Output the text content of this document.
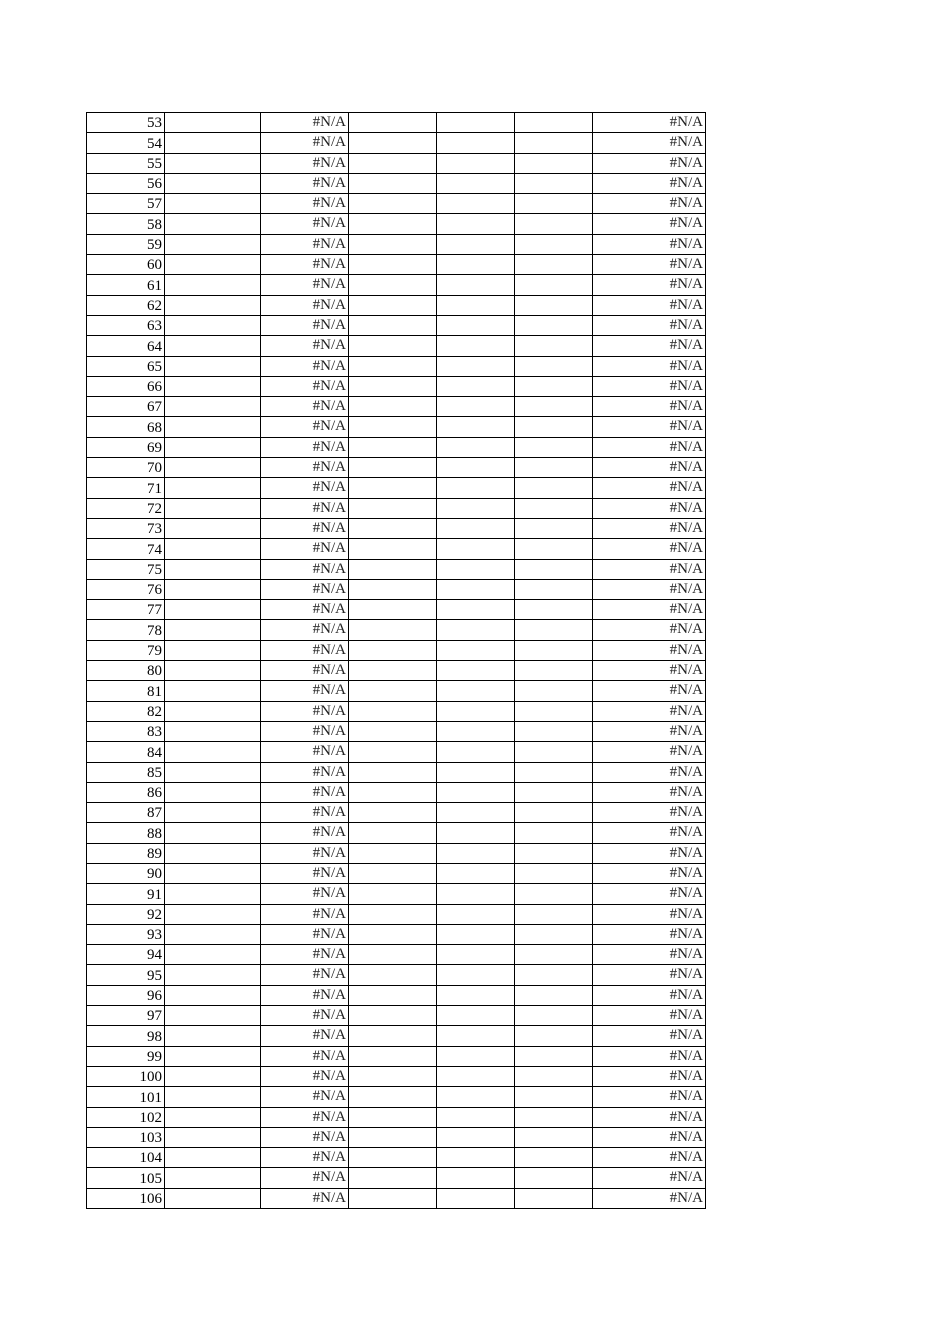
53		#N/A				#N/A
54		#N/A				#N/A
55		#N/A				#N/A
56		#N/A				#N/A
57		#N/A				#N/A
58		#N/A				#N/A
59		#N/A				#N/A
60		#N/A				#N/A
61		#N/A				#N/A
62		#N/A				#N/A
63		#N/A				#N/A
64		#N/A				#N/A
65		#N/A				#N/A
66		#N/A				#N/A
67		#N/A				#N/A
68		#N/A				#N/A
69		#N/A				#N/A
70		#N/A				#N/A
71		#N/A				#N/A
72		#N/A				#N/A
73		#N/A				#N/A
74		#N/A				#N/A
75		#N/A				#N/A
76		#N/A				#N/A
77		#N/A				#N/A
78		#N/A				#N/A
79		#N/A				#N/A
80		#N/A				#N/A
81		#N/A				#N/A
82		#N/A				#N/A
83		#N/A				#N/A
84		#N/A				#N/A
85		#N/A				#N/A
86		#N/A				#N/A
87		#N/A				#N/A
88		#N/A				#N/A
89		#N/A				#N/A
90		#N/A				#N/A
91		#N/A				#N/A
92		#N/A				#N/A
93		#N/A				#N/A
94		#N/A				#N/A
95		#N/A				#N/A
96		#N/A				#N/A
97		#N/A				#N/A
98		#N/A				#N/A
99		#N/A				#N/A
100		#N/A				#N/A
101		#N/A				#N/A
102		#N/A				#N/A
103		#N/A				#N/A
104		#N/A				#N/A
105		#N/A				#N/A
106		#N/A				#N/A
